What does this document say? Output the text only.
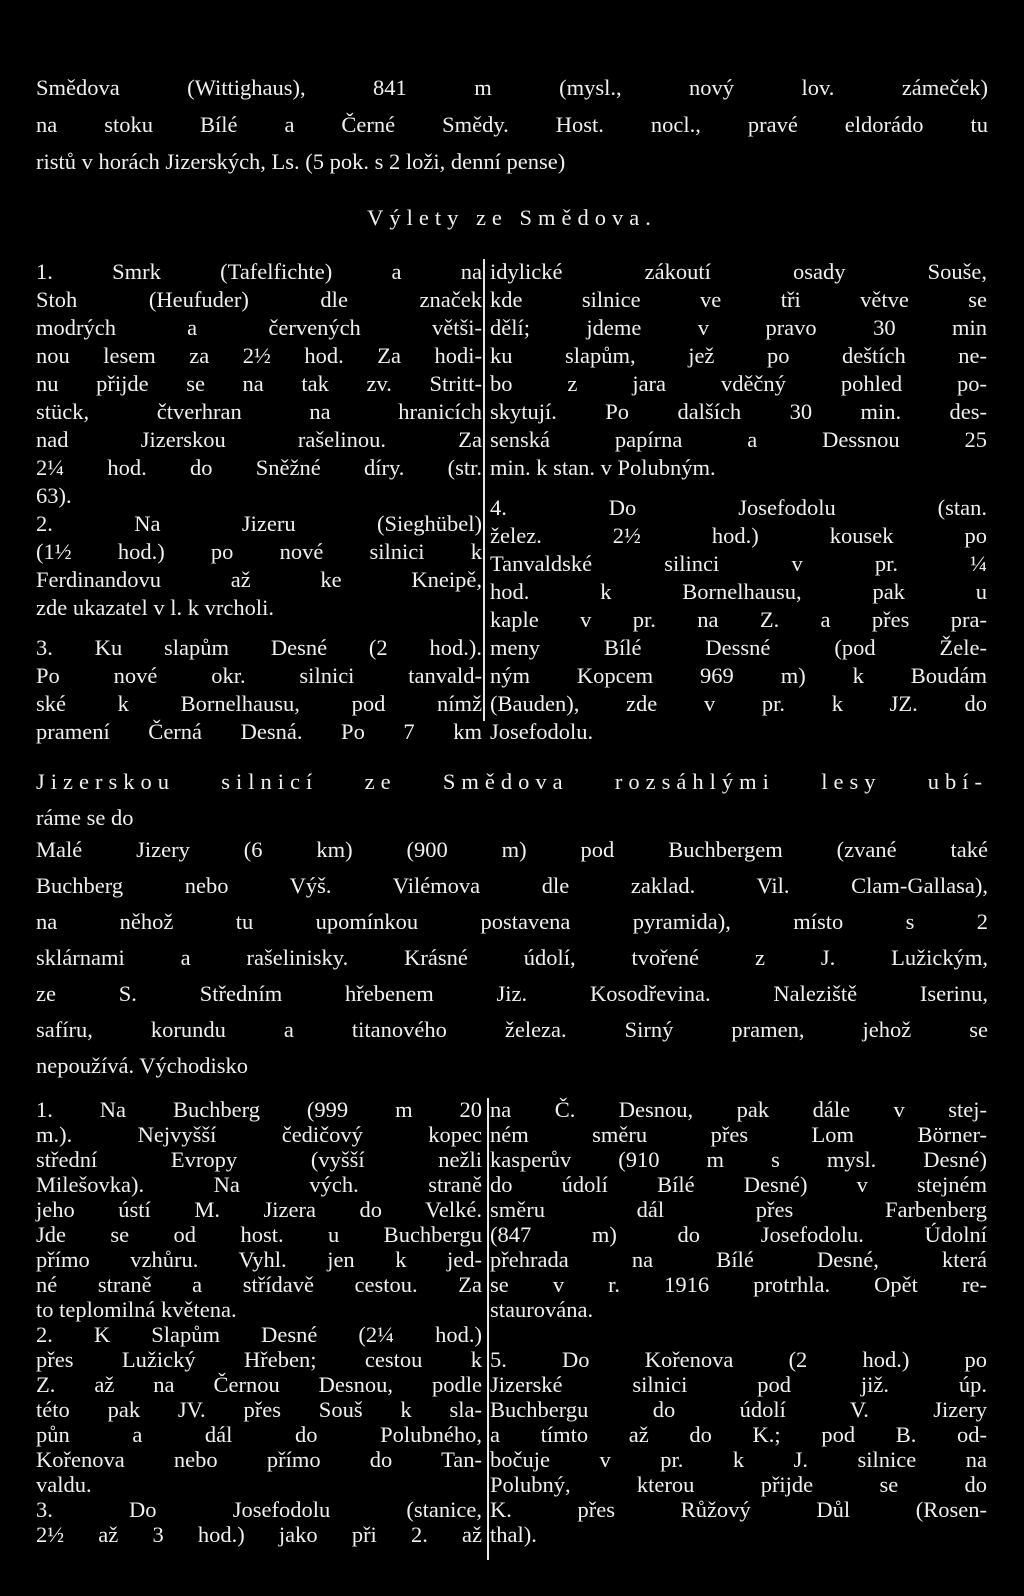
Smědova (Wittighaus), 841 m (mysl., nový lov. zámeček)
na stoku Bílé a Černé Smědy. Host. nocl., pravé eldorádo tu
ristů v horách Jizerských, Ls. (5 pok. s 2 loži, denní pense)
Výlety ze Smědova.
1. Smrk (Tafelfichte) a na
Stoh (Heufuder) dle značek
modrých a červených větši-
nou lesem za 2½ hod. Za hodi-
nu přijde se na tak zv. Stritt-
stück, čtverhran na hranicích
nad Jizerskou rašelinou. Za
2¼ hod. do Sněžné díry. (str.
63).
2. Na Jizeru (Sieghübel)
(1½ hod.) po nové silnici k
Ferdinandovu až ke Kneipě,
zde ukazatel v l. k vrcholi.
3. Ku slapům Desné (2 hod.).
Po nové okr. silnici tanvald-
ské k Bornelhausu, pod nímž
pramení Černá Desná. Po 7 km
idylické zákoutí osady Souše,
kde silnice ve tři větve se
dělí; jdeme v pravo 30 min
ku slapům, jež po deštích ne-
bo z jara vděčný pohled po-
skytují. Po dalších 30 min. des-
senská papírna a Dessnou 25
min. k stan. v Polubným.
4. Do Josefodolu (stan.
želez. 2½ hod.) kousek po
Tanvaldské silinci v pr. ¼
hod. k Bornelhausu, pak u
kaple v pr. na Z. a přes pra-
meny Bílé Dessné (pod Žele-
ným Kopcem 969 m) k Boudám
(Bauden), zde v pr. k JZ. do
Josefodolu.
Jizerskou silnicí ze Smědova rozsáhlými lesy ubí-
ráme se do
Malé Jizery (6 km) (900 m) pod Buchbergem (zvané také
Buchberg nebo Výš. Vilémova dle zaklad. Vil. Clam-Gallasa),
na něhož tu upomínkou postavena pyramida), místo s 2
sklárnami a rašelinisky. Krásné údolí, tvořené z J. Lužickým,
ze S. Středním hřebenem Jiz. Kosodřevina. Naleziště Iserinu,
safíru, korundu a titanového železa. Sirný pramen, jehož se
nepoužívá. Východisko
1. Na Buchberg (999 m 20
m.). Nejvyšší čedičový kopec
střední Evropy (vyšší nežli
Milešovka). Na vých. straně
jeho ústí M. Jizera do Velké.
Jde se od host. u Buchbergu
přímo vzhůru. Vyhl. jen k jed-
né straně a střídavě cestou. Za
to teplomilná květena.
2. K Slapům Desné (2¼ hod.)
přes Lužický Hřeben; cestou k
Z. až na Černou Desnou, podle
této pak JV. přes Souš k sla-
půn a dál do Polubného,
Kořenova nebo přímo do Tan-
valdu.
3. Do Josefodolu (stanice,
2½ až 3 hod.) jako při 2. až
na Č. Desnou, pak dále v stej-
ném směru přes Lom Börner-
kasperův (910 m s mysl. Desné)
do údolí Bílé Desné) v stejném
směru dál přes Farbenberg
(847 m) do Josefodolu. Údolní
přehrada na Bílé Desné, která
se v r. 1916 protrhla. Opět re-
staurována.
5. Do Kořenova (2 hod.) po
Jizerské silnici pod již. úp.
Buchbergu do údolí V. Jizery
a tímto až do K.; pod B. od-
bočuje v pr. k J. silnice na
Polubný, kterou přijde se do
K. přes Růžový Důl (Rosen-
thal).
